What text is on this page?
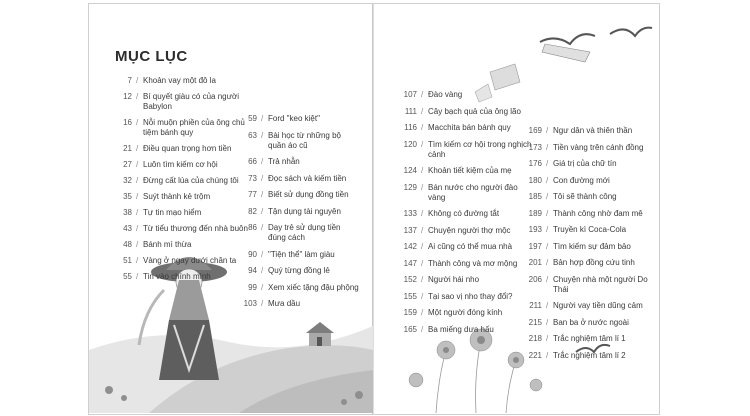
MỤC LỤC
7 / Khoản vay một đô la
12 / Bí quyết giàu có của người Babylon
16 / Nỗi muộn phiền của ông chủ tiệm bánh quy
21 / Điều quan trọng hơn tiền
27 / Luôn tìm kiếm cơ hội
32 / Đừng cất lúa của chúng tôi
35 / Suýt thành kẻ trộm
38 / Tự tin mạo hiểm
43 / Từ tiểu thương đến nhà buôn
48 / Bánh mì thừa
51 / Vàng ở ngay dưới chân ta
55 / Tin vào chính mình
59 / Ford "keo kiệt"
63 / Bài học từ những bộ quần áo cũ
66 / Trả nhẫn
73 / Đọc sách và kiếm tiền
77 / Biết sử dụng đồng tiền
82 / Tận dụng tài nguyên
86 / Dạy trẻ sử dụng tiền đúng cách
90 / "Tiện thể" làm giàu
94 / Quý từng đồng lẻ
99 / Xem xiếc tặng đậu phộng
103 / Mưa dầu
107 / Đào vàng
111 / Cây bạch quả của ông lão
116 / Macchita bán bánh quy
120 / Tìm kiếm cơ hội trong nghịch cảnh
124 / Khoản tiết kiệm của mẹ
129 / Bán nước cho người đào vàng
133 / Không có đường tắt
137 / Chuyện người thợ mộc
142 / Ai cũng có thể mua nhà
147 / Thành công và mơ mộng
152 / Người hái nho
155 / Tại sao vị nho thay đổi?
159 / Một người đóng kính
165 / Ba miếng dưa hấu
169 / Ngư dân và thiên thần
173 / Tiền vàng trên cánh đồng
176 / Giá trị của chữ tín
180 / Con đường mới
185 / Tôi sẽ thành công
189 / Thành công nhờ đam mê
193 / Truyền kì Coca-Cola
197 / Tìm kiếm sự đảm bảo
201 / Bản hợp đồng cứu tinh
206 / Chuyện nhà một người Do Thái
211 / Người vay tiền dũng cảm
215 / Ban ba ở nước ngoài
218 / Trắc nghiệm tâm lí 1
221 / Trắc nghiệm tâm lí 2
